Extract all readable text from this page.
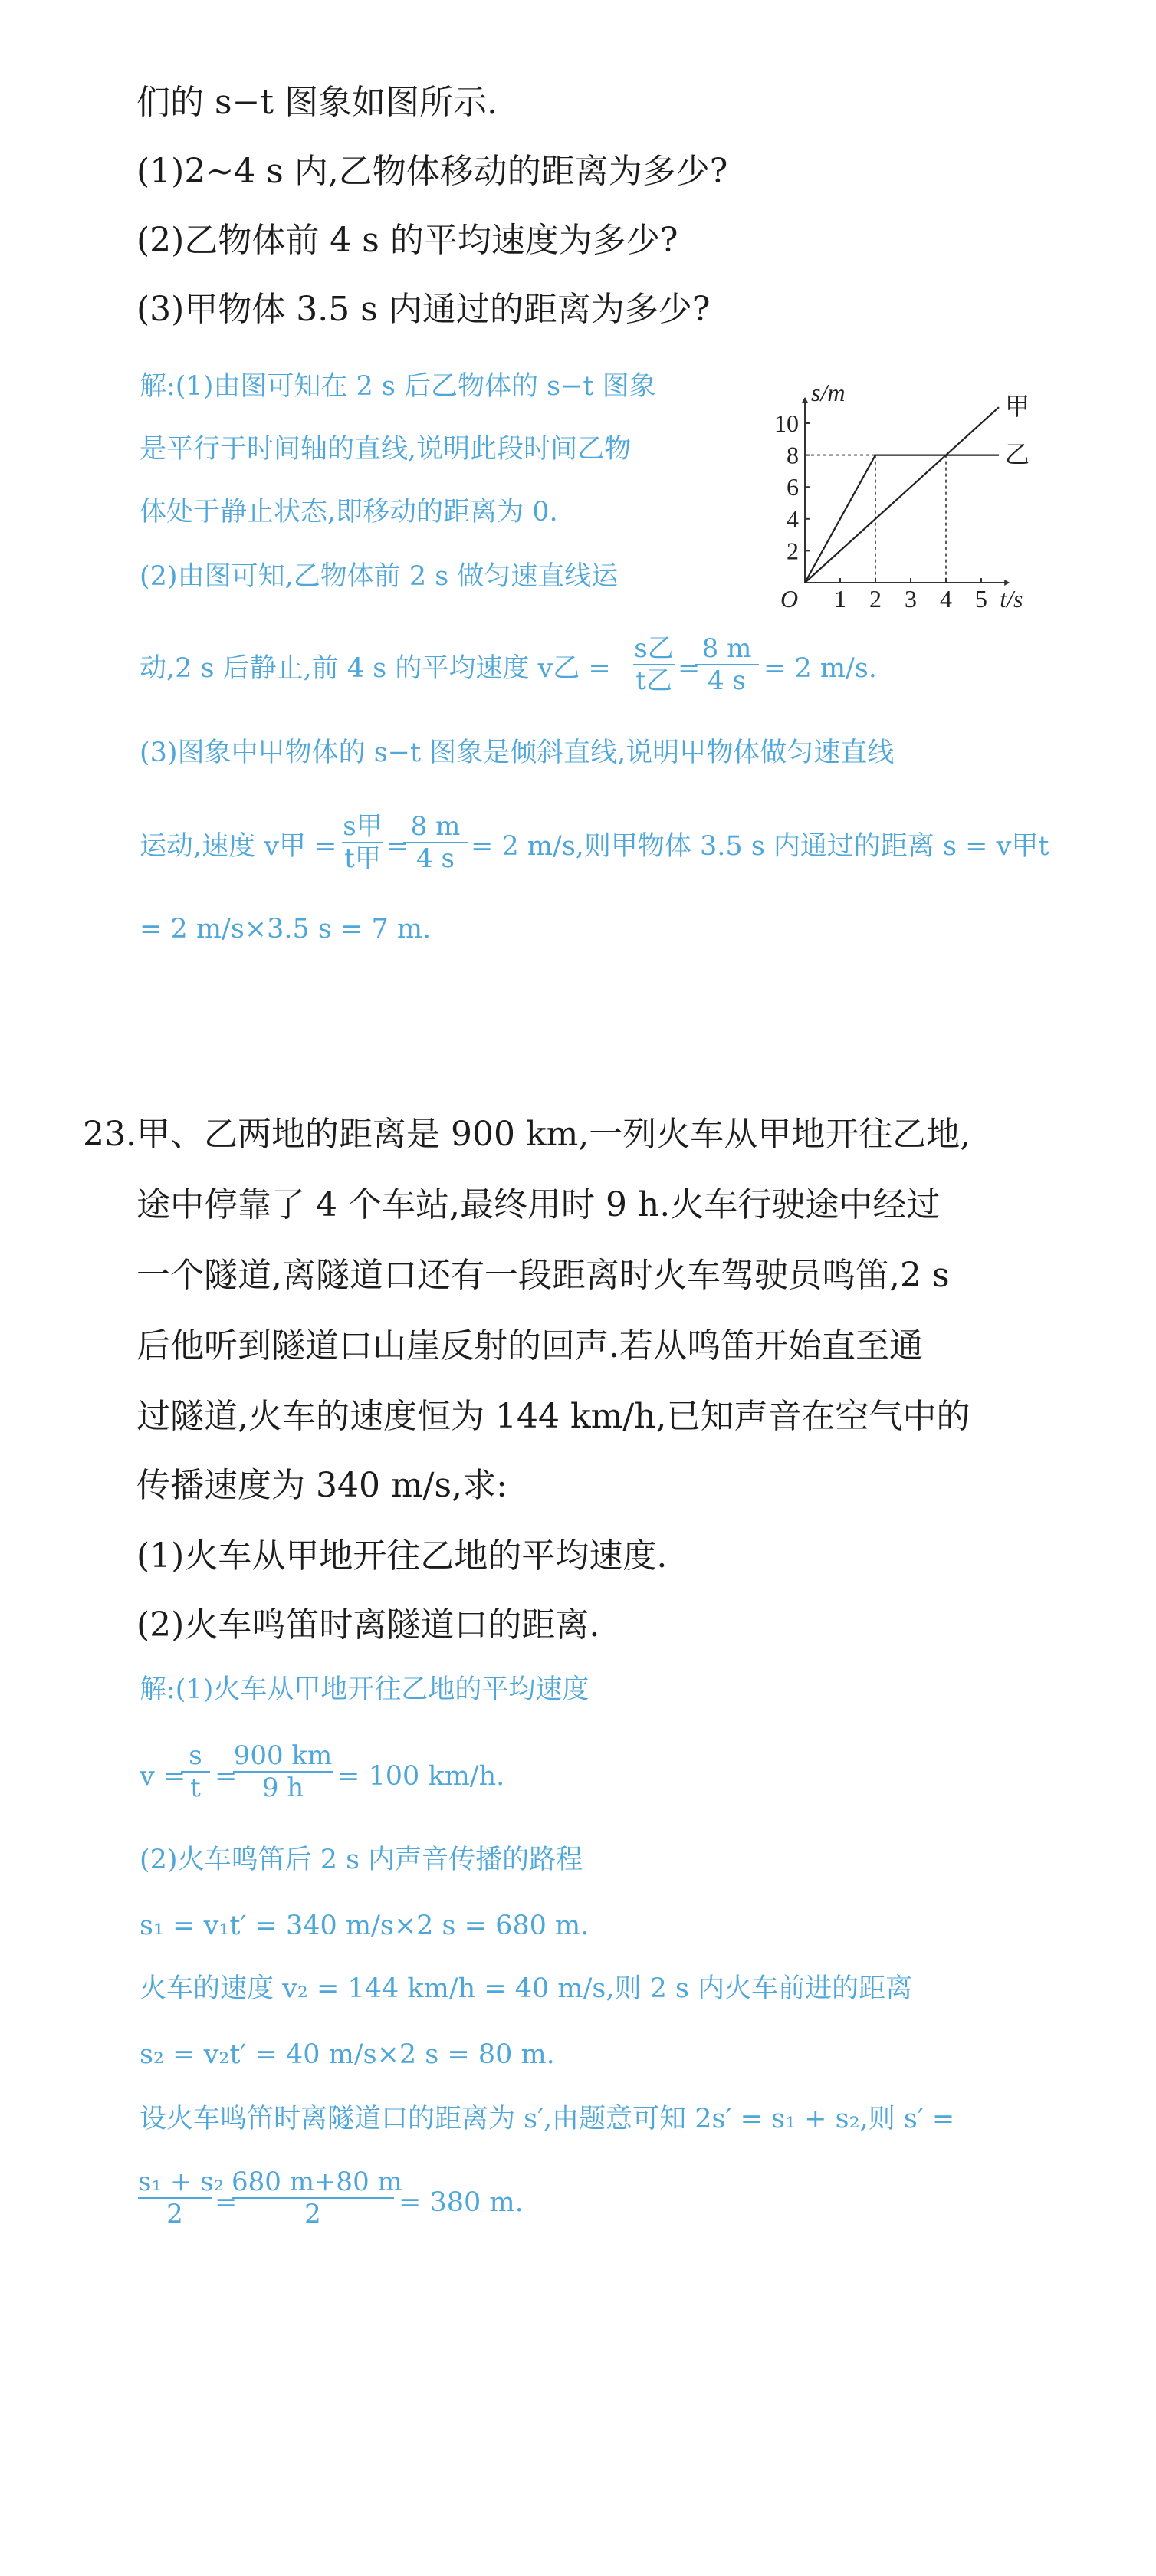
们的 s−t 图象如图所示.
(1)2~4 s 内,乙物体移动的距离为多少?
(2)乙物体前 4 s 的平均速度为多少?
(3)甲物体 3.5 s 内通过的距离为多少?
解:(1)由图可知在 2 s 后乙物体的 s−t 图象
是平行于时间轴的直线,说明此段时间乙物
体处于静止状态,即移动的距离为 0.
(2)由图可知,乙物体前 2 s 做匀速直线运
动,2 s 后静止,前 4 s 的平均速度 v乙 =
s乙
t乙 =
$\frac{8 m}{4 s} = 2$ m/s.
(3)图象中甲物体的 s−t 图象是倾斜直线,说明甲物体做匀速直线
运动,速度 v甲 =
s甲
t甲 =
$\frac{8 m}{4 s} = 2$ m/s,则甲物体 3.5 s 内通过的距离 s = v甲t
= 2 m/s×3.5 s = 7 m.
1 2 3 4 5
2
4
6
8
10
甲
乙
s/m
t/s
O
23.甲、乙两地的距离是 900 km,一列火车从甲地开往乙地,
途中停靠了 4 个车站,最终用时 9 h.火车行驶途中经过
一个隧道,离隧道口还有一段距离时火车驾驶员鸣笛,2 s
后他听到隧道口山崖反射的回声.若从鸣笛开始直至通
过隧道,火车的速度恒为 144 km/h,已知声音在空气中的
传播速度为 340 m/s,求:
(1)火车从甲地开往乙地的平均速度.
(2)火车鸣笛时离隧道口的距离.
解:(1)火车从甲地开往乙地的平均速度
v =
$\frac{s}{t}$ =
$\frac{900 km}{9 h} = 100$ km/h.
(2)火车鸣笛后 2 s 内声音传播的路程
s₁ = v₁t′ = 340 m/s×2 s = 680 m.
火车的速度 v₂ = 144 km/h = 40 m/s,则 2 s 内火车前进的距离
s₂ = v₂t′ = 40 m/s×2 s = 80 m.
设火车鸣笛时离隧道口的距离为 s′,由题意可知 2s′ = s₁ + s₂,则 s′ =
$\frac{\text{s₁ + s₂}}{2}$ =
$\frac{680 m+80 m}{2} = 380$ m.
